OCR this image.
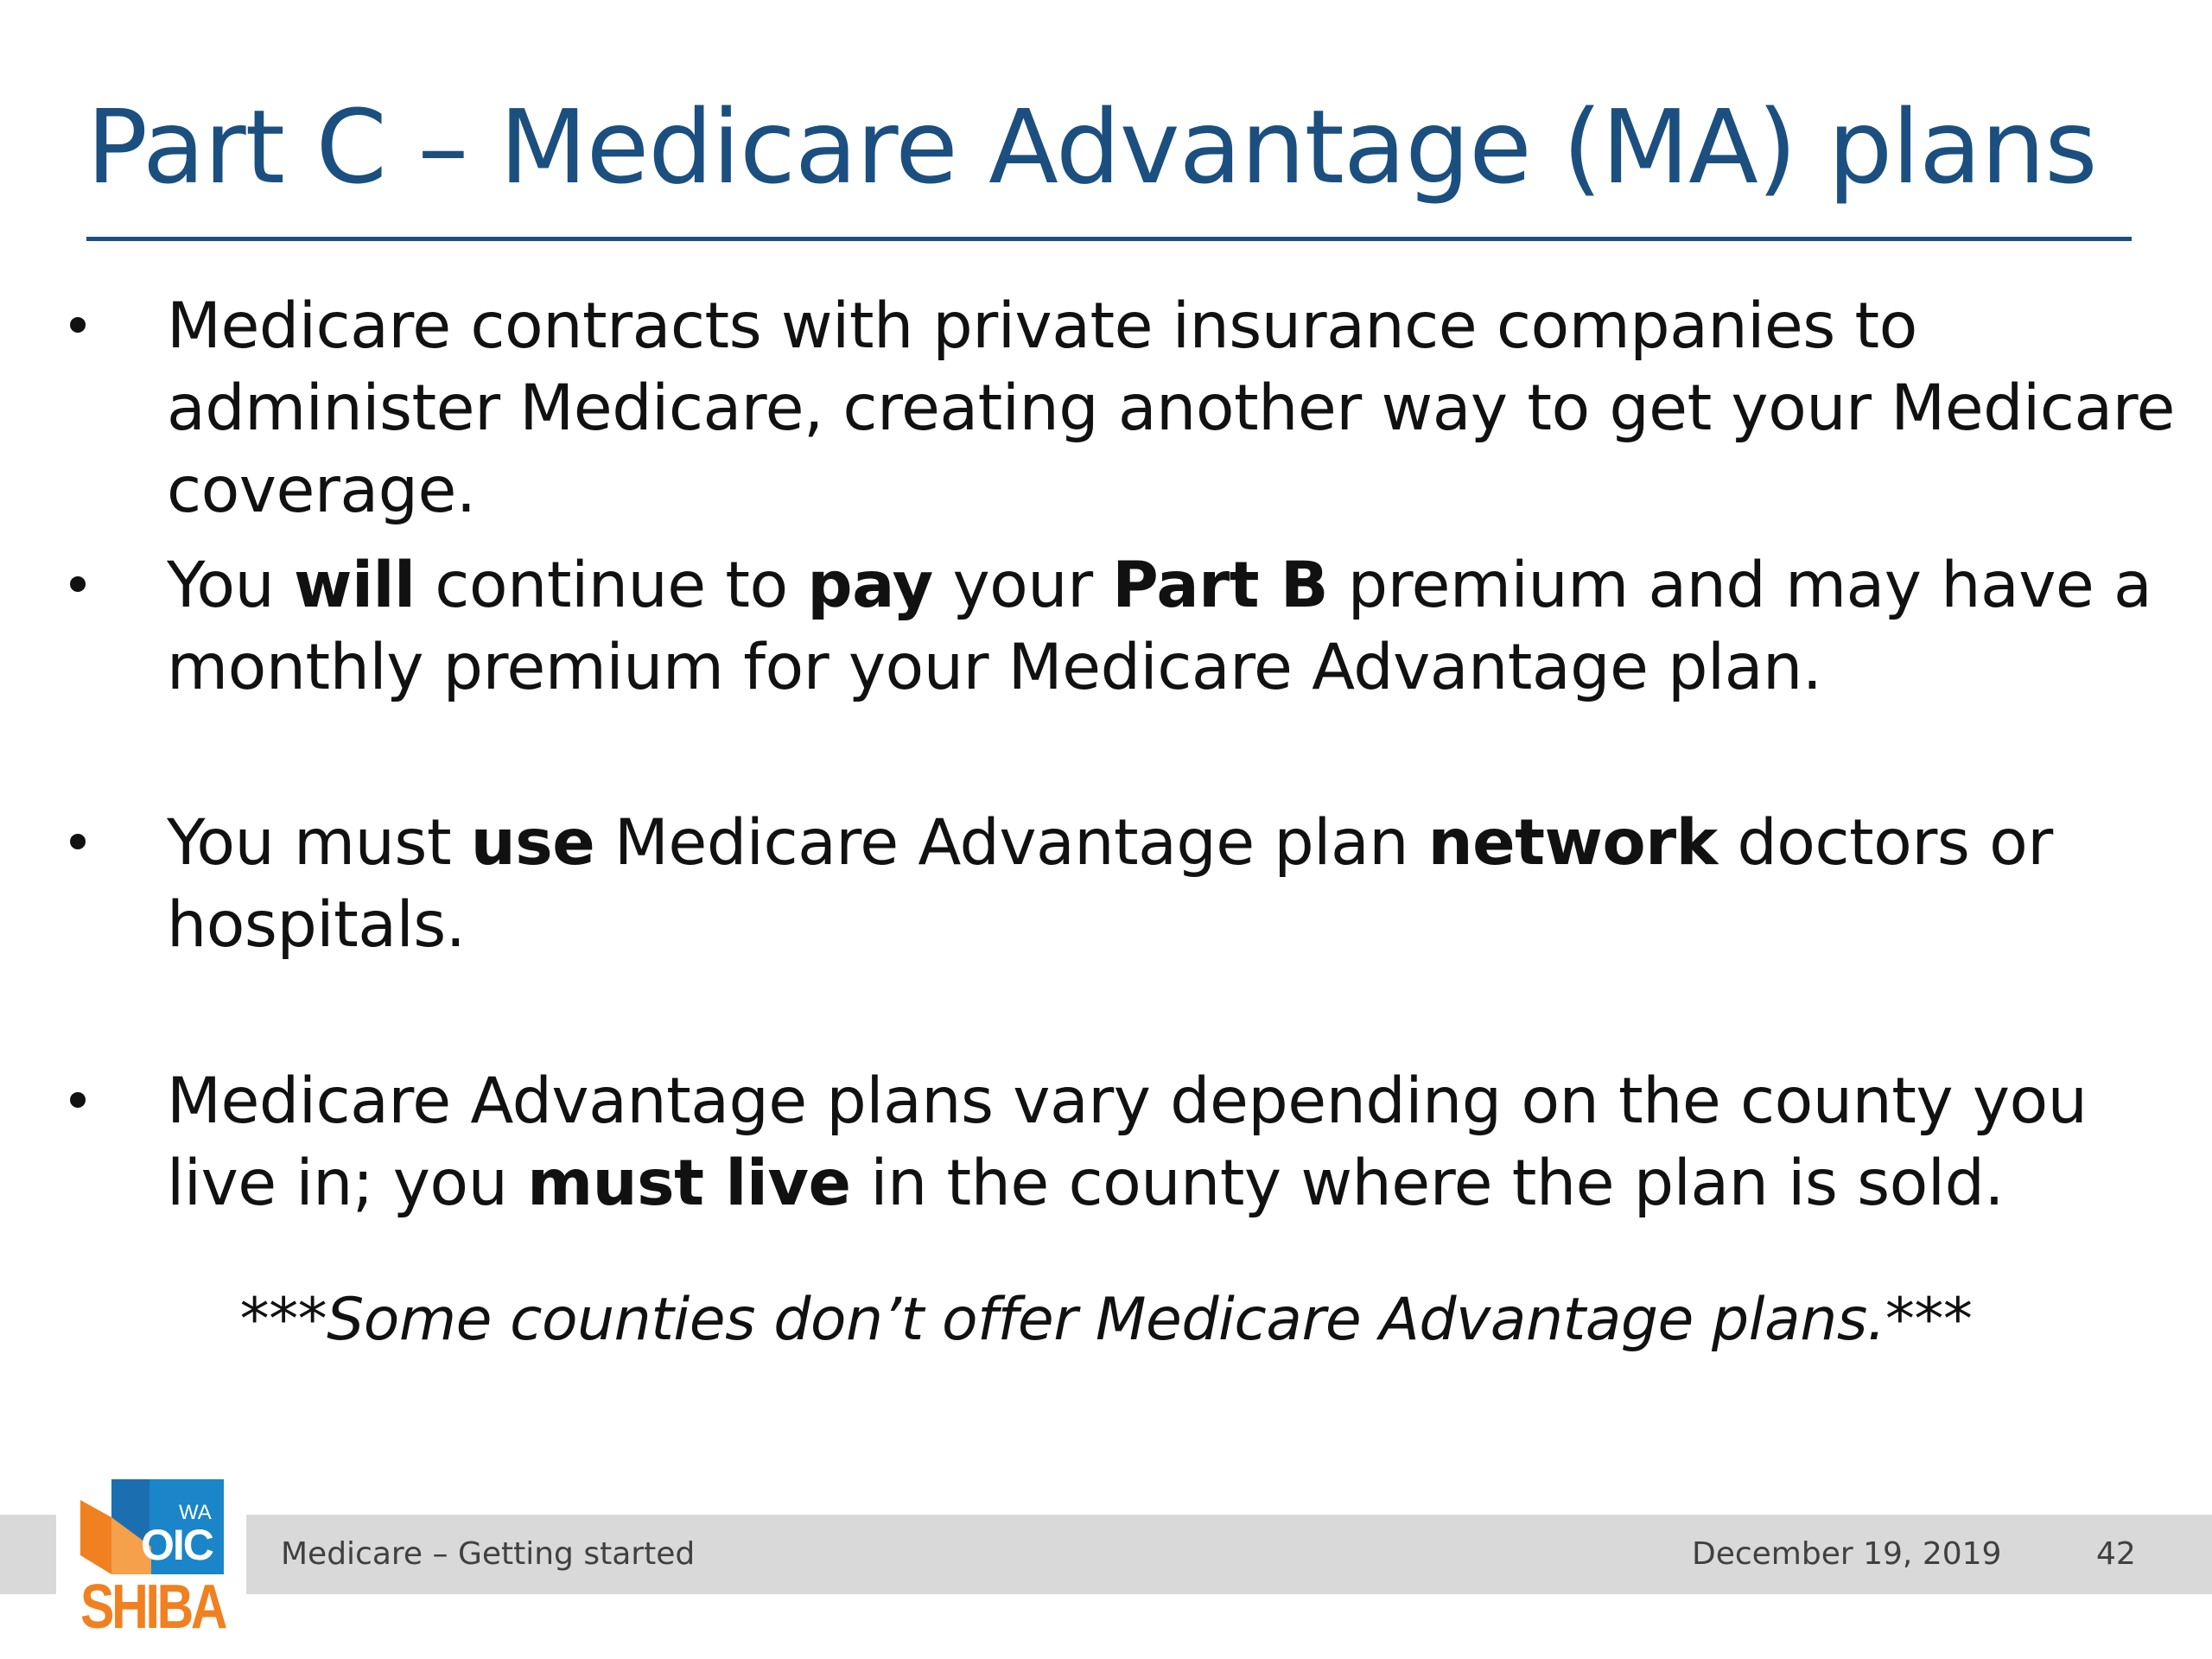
Part C – Medicare Advantage (MA) plans
• Medicare contracts with private insurance companies to administer Medicare, creating another way to get your Medicare coverage.

• You will continue to pay your Part B premium and may have a monthly premium for your Medicare Advantage plan.

• You must use Medicare Advantage plan network doctors or hospitals.

• Medicare Advantage plans vary depending on the county you live in; you must live in the county where the plan is sold.

***Some counties don’t offer Medicare Advantage plans.***
Medicare – Getting started	December 19, 2019	42
WA
OIC
SHIBA
